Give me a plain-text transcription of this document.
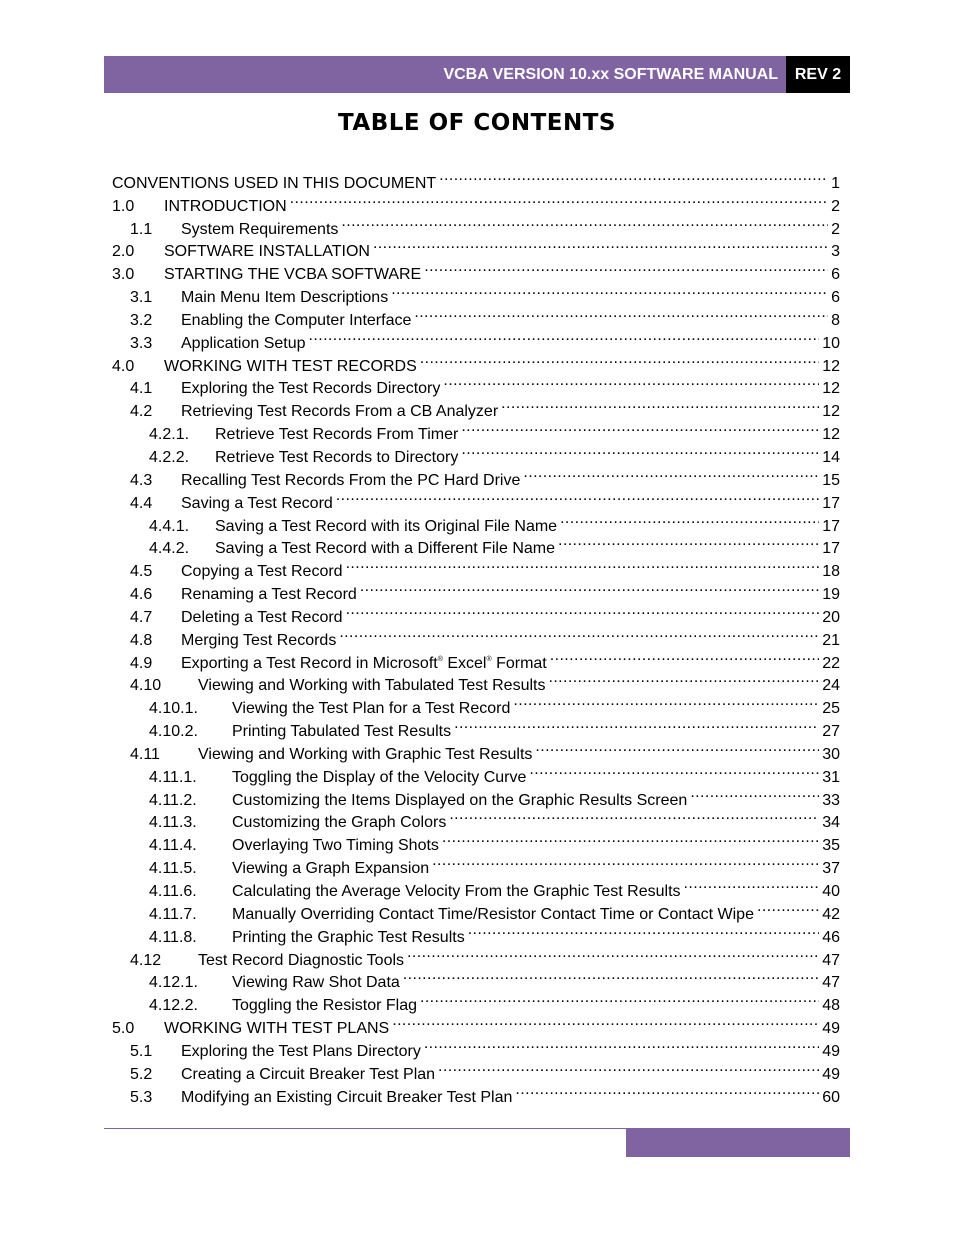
VCBA VERSION 10.xx SOFTWARE MANUAL	REV 2
TABLE OF CONTENTS
CONVENTIONS USED IN THIS DOCUMENT .....	1
1.0	INTRODUCTION .....	2
1.1	System Requirements .....	2
2.0	SOFTWARE INSTALLATION .....	3
3.0	STARTING THE VCBA SOFTWARE .....	6
3.1	Main Menu Item Descriptions .....	6
3.2	Enabling the Computer Interface .....	8
3.3	Application Setup .....	10
4.0	WORKING WITH TEST RECORDS .....	12
4.1	Exploring the Test Records Directory .....	12
4.2	Retrieving Test Records From a CB Analyzer .....	12
4.2.1.	Retrieve Test Records From Timer .....	12
4.2.2.	Retrieve Test Records to Directory .....	14
4.3	Recalling Test Records From the PC Hard Drive .....	15
4.4	Saving a Test Record .....	17
4.4.1.	Saving a Test Record with its Original File Name .....	17
4.4.2.	Saving a Test Record with a Different File Name .....	17
4.5	Copying a Test Record .....	18
4.6	Renaming a Test Record .....	19
4.7	Deleting a Test Record .....	20
4.8	Merging Test Records .....	21
4.9	Exporting a Test Record in Microsoft® Excel® Format .....	22
4.10	Viewing and Working with Tabulated Test Results .....	24
4.10.1.	Viewing the Test Plan for a Test Record .....	25
4.10.2.	Printing Tabulated Test Results .....	27
4.11	Viewing and Working with Graphic Test Results .....	30
4.11.1.	Toggling the Display of the Velocity Curve .....	31
4.11.2.	Customizing the Items Displayed on the Graphic Results Screen .....	33
4.11.3.	Customizing the Graph Colors .....	34
4.11.4.	Overlaying Two Timing Shots .....	35
4.11.5.	Viewing a Graph Expansion .....	37
4.11.6.	Calculating the Average Velocity From the Graphic Test Results .....	40
4.11.7.	Manually Overriding Contact Time/Resistor Contact Time or Contact Wipe .....	42
4.11.8.	Printing the Graphic Test Results .....	46
4.12	Test Record Diagnostic Tools .....	47
4.12.1.	Viewing Raw Shot Data .....	47
4.12.2.	Toggling the Resistor Flag .....	48
5.0	WORKING WITH TEST PLANS .....	49
5.1	Exploring the Test Plans Directory .....	49
5.2	Creating a Circuit Breaker Test Plan .....	49
5.3	Modifying an Existing Circuit Breaker Test Plan .....	60
